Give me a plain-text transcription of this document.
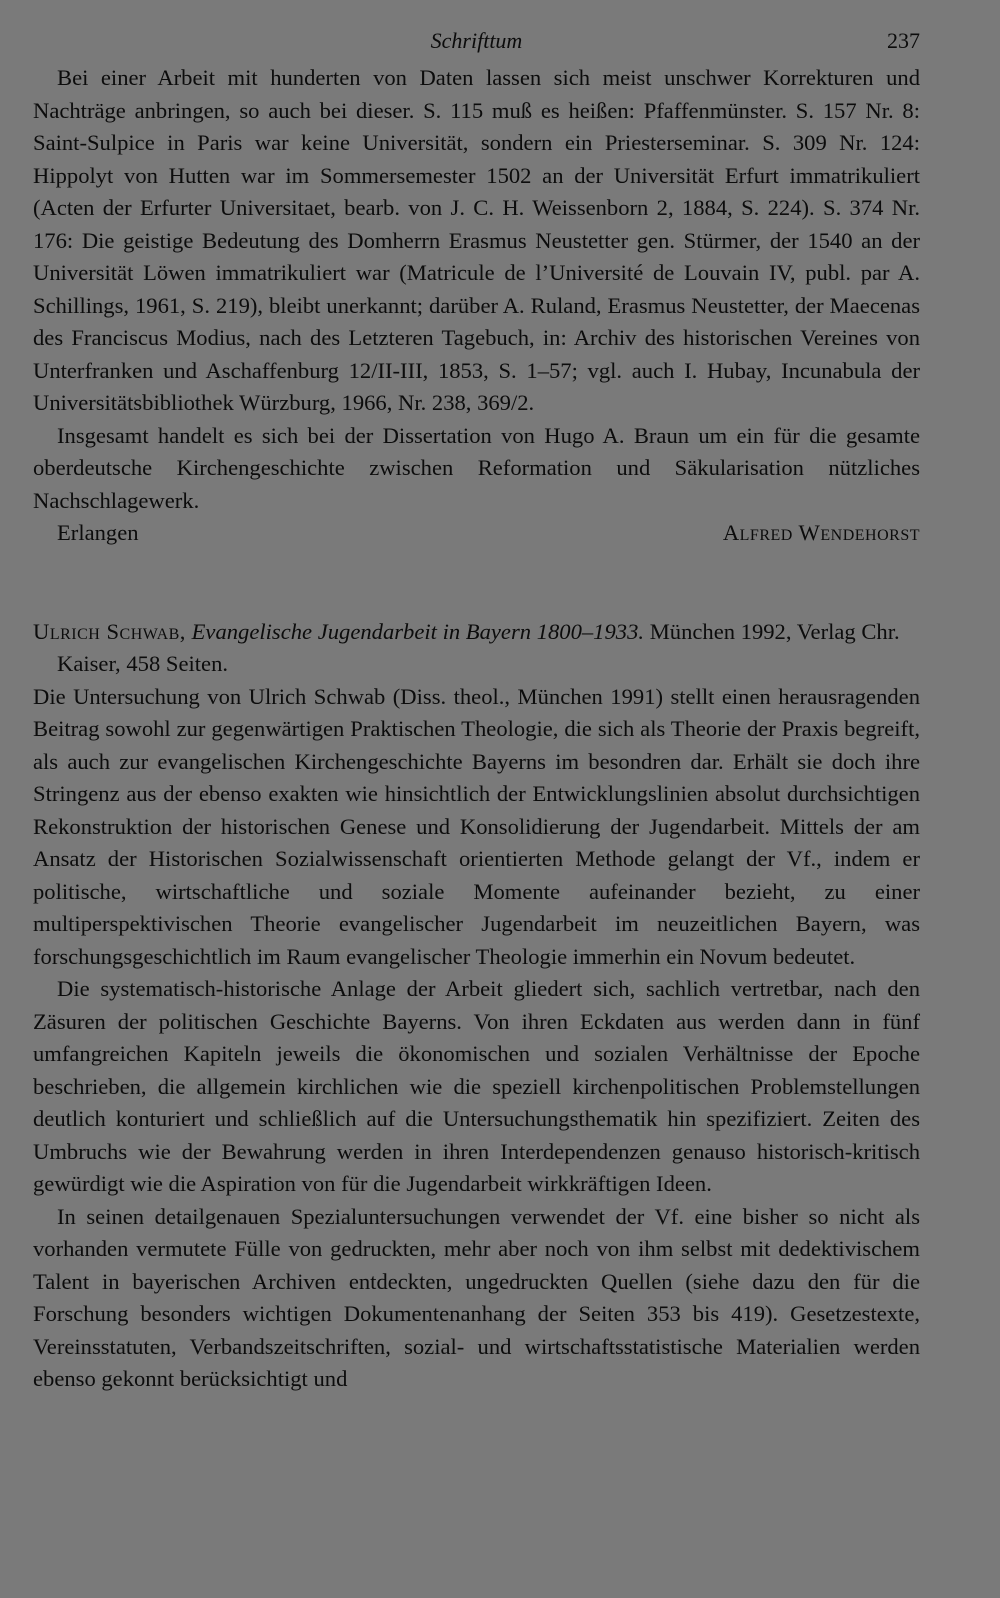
Schrifttum	237

Bei einer Arbeit mit hunderten von Daten lassen sich meist unschwer Korrekturen und Nachträge anbringen, so auch bei dieser. S. 115 muß es heißen: Pfaffenmünster. S. 157 Nr. 8: Saint-Sulpice in Paris war keine Universität, sondern ein Priesterseminar. S. 309 Nr. 124: Hippolyt von Hutten war im Sommersemester 1502 an der Universität Erfurt immatrikuliert (Acten der Erfurter Universitaet, bearb. von J. C. H. Weissenborn 2, 1884, S. 224). S. 374 Nr. 176: Die geistige Bedeutung des Domherrn Erasmus Neustetter gen. Stürmer, der 1540 an der Universität Löwen immatrikuliert war (Matricule de l’Université de Louvain IV, publ. par A. Schillings, 1961, S. 219), bleibt unerkannt; darüber A. Ruland, Erasmus Neustetter, der Maecenas des Franciscus Modius, nach des Letzteren Tagebuch, in: Archiv des historischen Vereines von Unterfranken und Aschaffenburg 12/II-III, 1853, S. 1–57; vgl. auch I. Hubay, Incunabula der Universitätsbibliothek Würzburg, 1966, Nr. 238, 369/2.

Insgesamt handelt es sich bei der Dissertation von Hugo A. Braun um ein für die gesamte oberdeutsche Kirchengeschichte zwischen Reformation und Säkularisation nützliches Nachschlagewerk.

Erlangen	Alfred Wendehorst

Ulrich Schwab, Evangelische Jugendarbeit in Bayern 1800–1933. München 1992, Verlag Chr. Kaiser, 458 Seiten.

Die Untersuchung von Ulrich Schwab (Diss. theol., München 1991) stellt einen herausragenden Beitrag sowohl zur gegenwärtigen Praktischen Theologie, die sich als Theorie der Praxis begreift, als auch zur evangelischen Kirchengeschichte Bayerns im besondren dar. Erhält sie doch ihre Stringenz aus der ebenso exakten wie hinsichtlich der Entwicklungslinien absolut durchsichtigen Rekonstruktion der historischen Genese und Konsolidierung der Jugendarbeit. Mittels der am Ansatz der Historischen Sozialwissenschaft orientierten Methode gelangt der Vf., indem er politische, wirtschaftliche und soziale Momente aufeinander bezieht, zu einer multiperspektivischen Theorie evangelischer Jugendarbeit im neuzeitlichen Bayern, was forschungsgeschichtlich im Raum evangelischer Theologie immerhin ein Novum bedeutet.

Die systematisch-historische Anlage der Arbeit gliedert sich, sachlich vertretbar, nach den Zäsuren der politischen Geschichte Bayerns. Von ihren Eckdaten aus werden dann in fünf umfangreichen Kapiteln jeweils die ökonomischen und sozialen Verhältnisse der Epoche beschrieben, die allgemein kirchlichen wie die speziell kirchenpolitischen Problemstellungen deutlich konturiert und schließlich auf die Untersuchungsthematik hin spezifiziert. Zeiten des Umbruchs wie der Bewahrung werden in ihren Interdependenzen genauso historisch-kritisch gewürdigt wie die Aspiration von für die Jugendarbeit wirkkräftigen Ideen.

In seinen detailgenauen Spezialuntersuchungen verwendet der Vf. eine bisher so nicht als vorhanden vermutete Fülle von gedruckten, mehr aber noch von ihm selbst mit dedektivischem Talent in bayerischen Archiven entdeckten, ungedruckten Quellen (siehe dazu den für die Forschung besonders wichtigen Dokumentenanhang der Seiten 353 bis 419). Gesetzestexte, Vereinsstatuten, Verbandszeitschriften, sozial- und wirtschaftsstatistische Materialien werden ebenso gekonnt berücksichtigt und
